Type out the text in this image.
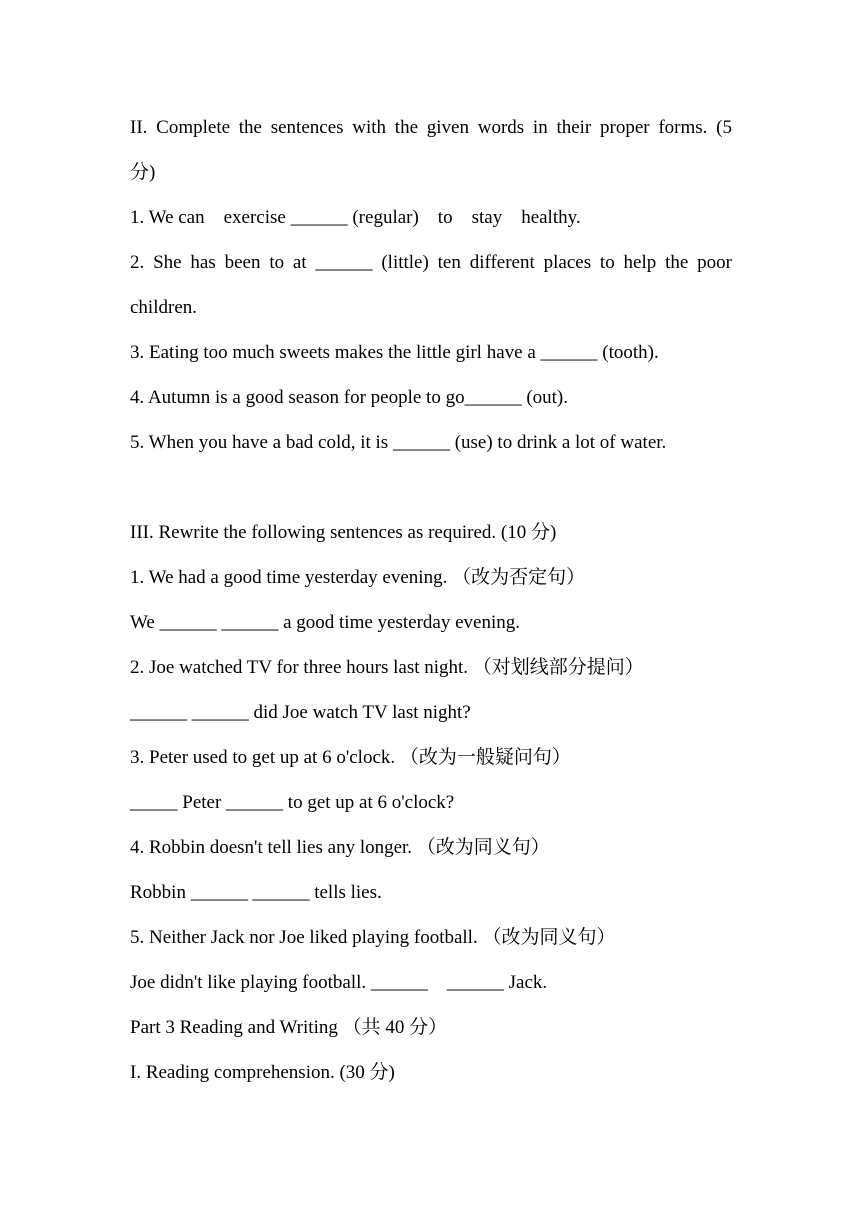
II. Complete the sentences with the given words in their proper forms. (5
分)
1. We can    exercise ______ (regular)    to    stay    healthy.
2. She has been to at ______ (little) ten different places to help the poor
children.
3. Eating too much sweets makes the little girl have a ______ (tooth).
4. Autumn is a good season for people to go______ (out).
5. When you have a bad cold, it is ______ (use) to drink a lot of water.
III. Rewrite the following sentences as required. (10 分)
1. We had a good time yesterday evening. （改为否定句）
We ______ ______ a good time yesterday evening.
2. Joe watched TV for three hours last night. （对划线部分提问）
______ ______ did Joe watch TV last night?
3. Peter used to get up at 6 o'clock. （改为一般疑问句）
_____ Peter ______ to get up at 6 o'clock?
4. Robbin doesn't tell lies any longer. （改为同义句）
Robbin ______ ______ tells lies.
5. Neither Jack nor Joe liked playing football. （改为同义句）
Joe didn't like playing football. ______    ______ Jack.
Part 3 Reading and Writing （共 40 分）
I. Reading comprehension. (30 分)
